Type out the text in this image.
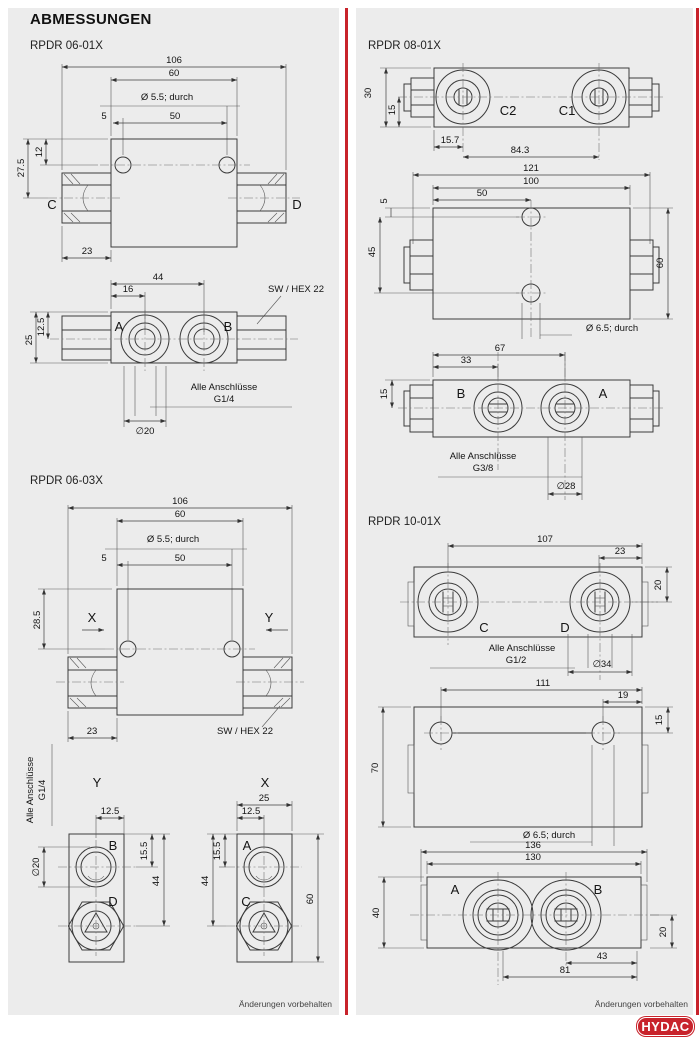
ABMESSUNGEN
RPDR 06-01X
RPDR 06-03X
RPDR 08-01X
RPDR 10-01X
106
60
Ø 5.5; durch
5	50
C	D
12
27.5
23
44
16	SW / HEX 22
A	B
25
12.5
Alle Anschlüsse
G1/4
∅20
106
60
Ø 5.5; durch
5	50
X	Y
28.5
23	SW / HEX 22
Alle Anschlüsse G1/4	Y	X
B
D
12.5
∅20
15.5
44
A
C
25
12.5
15.5
44
60
C2	C1
30
15
15.7
84.3
121
100
50
5
45
60
Ø 6.5; durch
67
33
B	A
15
Alle Anschlüsse
G3/8
∅28
107
23
C	D
20
Alle Anschlüsse
G1/2	∅34
111
19
15
70
Ø 6.5; durch
136
130
A	B
40
20
43
81
Änderungen vorbehalten	Änderungen vorbehalten
HYDAC
